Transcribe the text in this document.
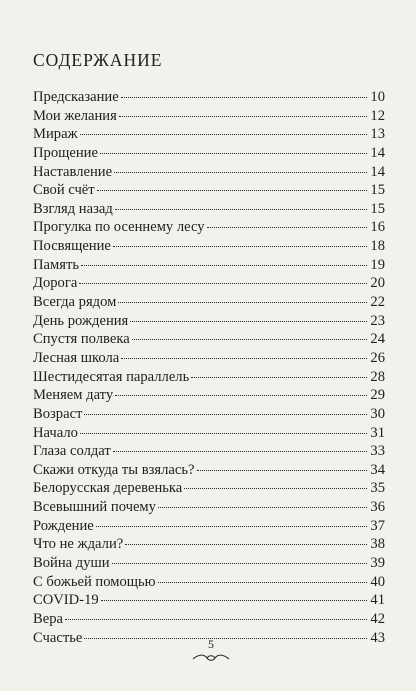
СОДЕРЖАНИЕ
Предсказание	10
Мои желания	12
Мираж	13
Прощение	14
Наставление	14
Свой счёт	15
Взгляд назад	15
Прогулка по осеннему лесу	16
Посвящение	18
Память	19
Дорога	20
Всегда рядом	22
День рождения	23
Спустя полвека	24
Лесная школа	26
Шестидесятая параллель	28
Меняем дату	29
Возраст	30
Начало	31
Глаза солдат	33
Скажи откуда ты взялась?	34
Белорусская деревенька	35
Всевышний почему	36
Рождение	37
Что не ждали?	38
Война души	39
С божьей помощью	40
COVID-19	41
Вера	42
Счастье	43
5
